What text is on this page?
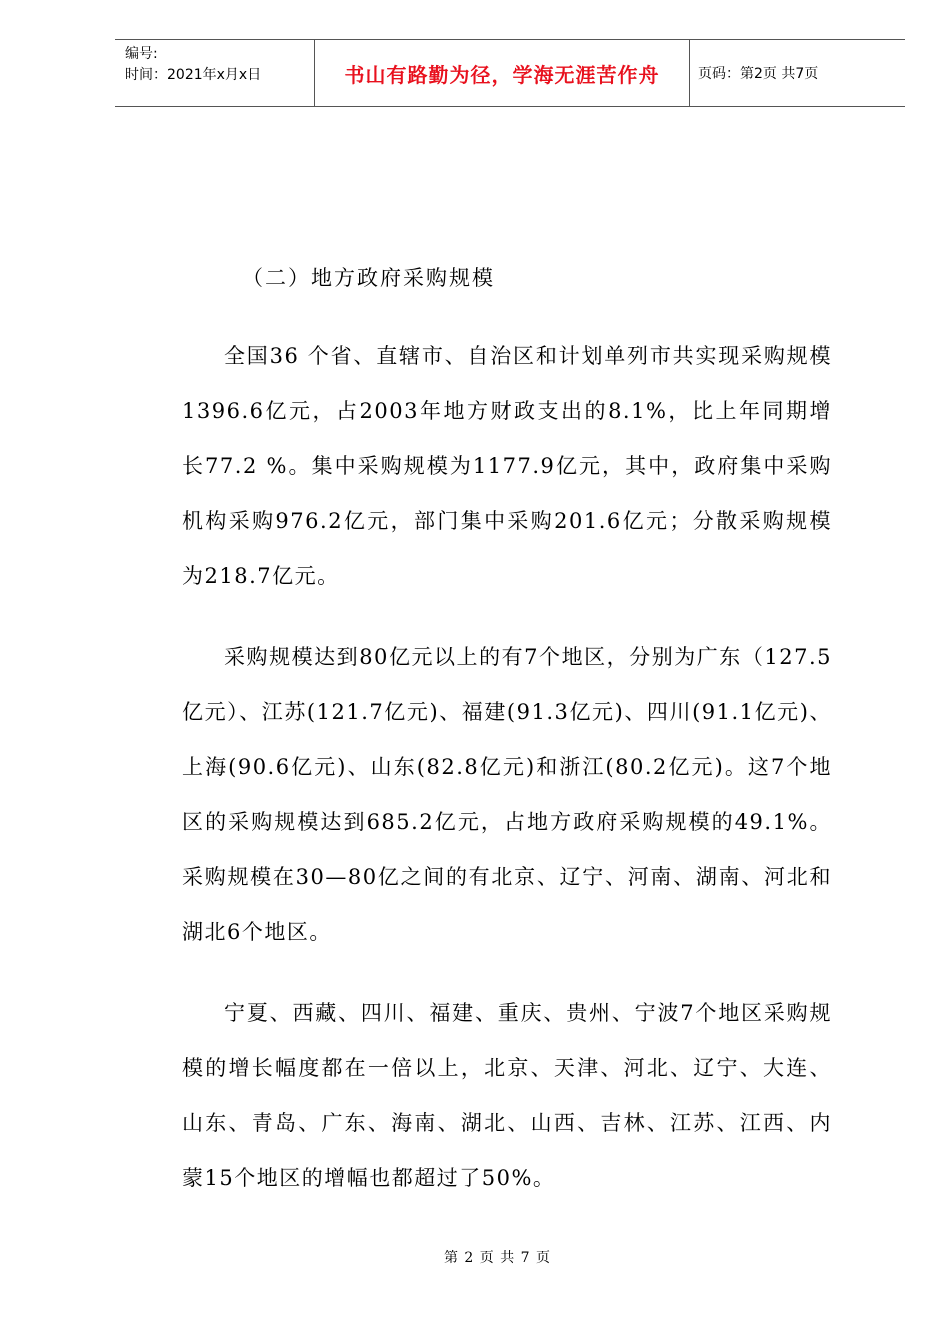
编号:
时间：2021年x月x日	书山有路勤为径，学海无涯苦作舟	页码：第2页 共7页
（二）地方政府采购规模

全国36 个省、直辖市、自治区和计划单列市共实现采购规模1396.6亿元，占2003年地方财政支出的8.1%，比上年同期增长77.2 %。集中采购规模为1177.9亿元，其中，政府集中采购机构采购976.2亿元，部门集中采购201.6亿元；分散采购规模为218.7亿元。

采购规模达到80亿元以上的有7个地区，分别为广东（127.5亿元）、江苏(121.7亿元)、福建(91.3亿元)、四川(91.1亿元)、上海(90.6亿元)、山东(82.8亿元)和浙江(80.2亿元)。这7个地区的采购规模达到685.2亿元，占地方政府采购规模的49.1%。采购规模在30—80亿之间的有北京、辽宁、河南、湖南、河北和湖北6个地区。

宁夏、西藏、四川、福建、重庆、贵州、宁波7个地区采购规模的增长幅度都在一倍以上，北京、天津、河北、辽宁、大连、山东、青岛、广东、海南、湖北、山西、吉林、江苏、江西、内蒙15个地区的增幅也都超过了50%。

第 2 页 共 7 页
